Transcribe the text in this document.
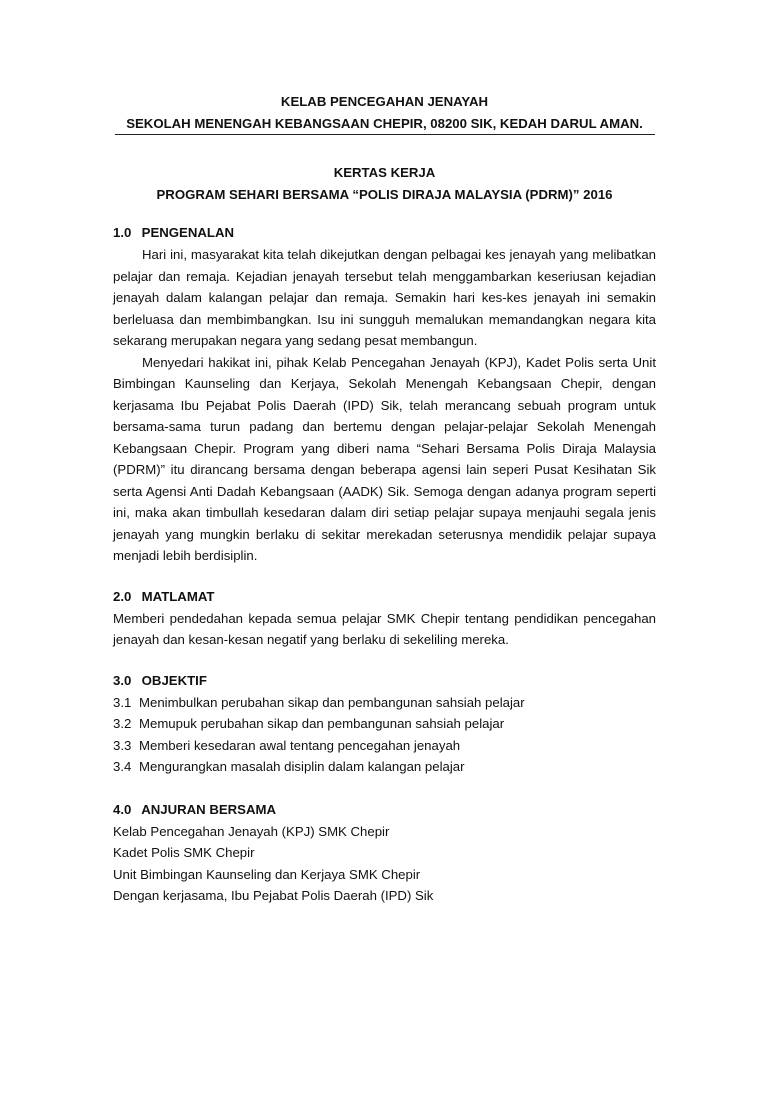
KELAB PENCEGAHAN JENAYAH
SEKOLAH MENENGAH KEBANGSAAN CHEPIR, 08200 SIK, KEDAH DARUL AMAN.
KERTAS KERJA
PROGRAM SEHARI BERSAMA “POLIS DIRAJA MALAYSIA (PDRM)” 2016
1.0 PENGENALAN

Hari ini, masyarakat kita telah dikejutkan dengan pelbagai kes jenayah yang melibatkan pelajar dan remaja. Kejadian jenayah tersebut telah menggambarkan keseriusan kejadian jenayah dalam kalangan pelajar dan remaja. Semakin hari kes-kes jenayah ini semakin berleluasa dan membimbangkan. Isu ini sungguh memalukan memandangkan negara kita sekarang merupakan negara yang sedang pesat membangun.

Menyedari hakikat ini, pihak Kelab Pencegahan Jenayah (KPJ), Kadet Polis serta Unit Bimbingan Kaunseling dan Kerjaya, Sekolah Menengah Kebangsaan Chepir, dengan kerjasama Ibu Pejabat Polis Daerah (IPD) Sik, telah merancang sebuah program untuk bersama-sama turun padang dan bertemu dengan pelajar-pelajar Sekolah Menengah Kebangsaan Chepir. Program yang diberi nama “Sehari Bersama Polis Diraja Malaysia (PDRM)” itu dirancang bersama dengan beberapa agensi lain seperi Pusat Kesihatan Sik serta Agensi Anti Dadah Kebangsaan (AADK) Sik. Semoga dengan adanya program seperti ini, maka akan timbullah kesedaran dalam diri setiap pelajar supaya menjauhi segala jenis jenayah yang mungkin berlaku di sekitar merekadan seterusnya mendidik pelajar supaya menjadi lebih berdisiplin.

2.0 MATLAMAT

Memberi pendedahan kepada semua pelajar SMK Chepir tentang pendidikan pencegahan jenayah dan kesan-kesan negatif yang berlaku di sekeliling mereka.

3.0 OBJEKTIF
3.1 Menimbulkan perubahan sikap dan pembangunan sahsiah pelajar
3.2 Memupuk perubahan sikap dan pembangunan sahsiah pelajar
3.3 Memberi kesedaran awal tentang pencegahan jenayah
3.4 Mengurangkan masalah disiplin dalam kalangan pelajar
4.0 ANJURAN BERSAMA
Kelab Pencegahan Jenayah (KPJ) SMK Chepir
Kadet Polis SMK Chepir
Unit Bimbingan Kaunseling dan Kerjaya SMK Chepir
Dengan kerjasama, Ibu Pejabat Polis Daerah (IPD) Sik
